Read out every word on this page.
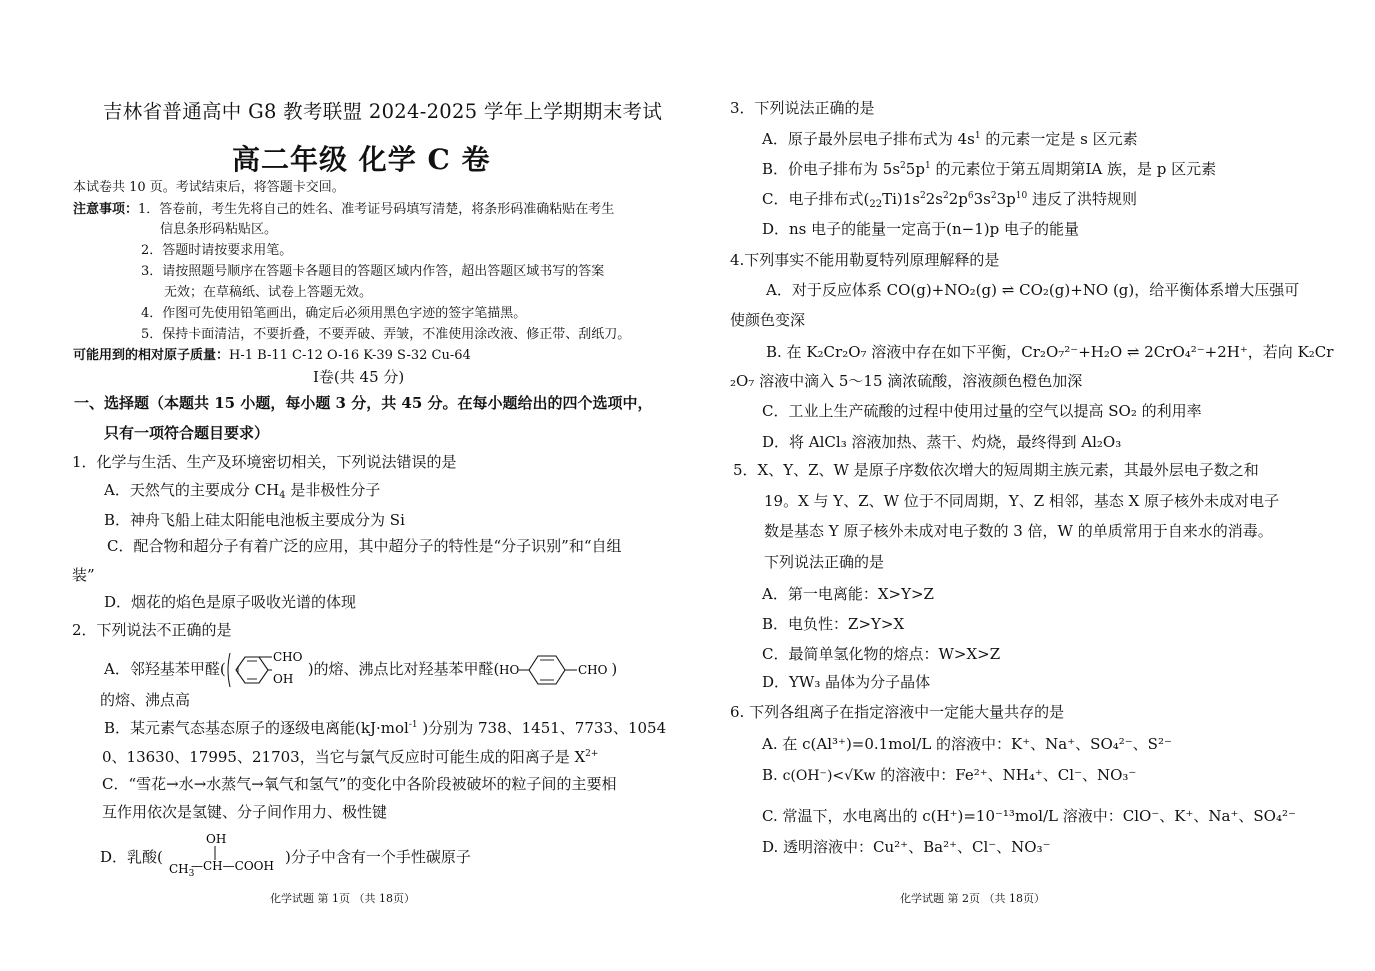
吉林省普通高中 G8 教考联盟 2024-2025 学年上学期期末考试
高二年级 化学 C 卷
本试卷共 10 页。考试结束后，将答题卡交回。
注意事项：1．答卷前，考生先将自己的姓名、准考证号码填写清楚，将条形码准确粘贴在考生
信息条形码粘贴区。
2．答题时请按要求用笔。
3．请按照题号顺序在答题卡各题目的答题区域内作答，超出答题区域书写的答案
无效；在草稿纸、试卷上答题无效。
4．作图可先使用铅笔画出，确定后必须用黑色字迹的签字笔描黑。
5．保持卡面清洁，不要折叠，不要弄破、弄皱，不准使用涂改液、修正带、刮纸刀。
可能用到的相对原子质量：H-1 B-11 C-12 O-16 K-39 S-32 Cu-64
Ⅰ卷(共 45 分)
一、选择题（本题共 15 小题，每小题 3 分，共 45 分。在每小题给出的四个选项中，
只有一项符合题目要求）
1．化学与生活、生产及环境密切相关，下列说法错误的是
A．天然气的主要成分 $CH_4$ 是非极性分子
B．神舟飞船上硅太阳能电池板主要成分为 Si
C．配合物和超分子有着广泛的应用，其中超分子的特性是“分子识别”和“自组
装”
D．烟花的焰色是原子吸收光谱的体现
2．下列说法不正确的是
A．邻羟基苯甲醛(
CHO
OH
)的熔、沸点比对羟基苯甲醛( HO	CHO )
的熔、沸点高
B．某元素气态基态原子的逐级电离能(kJ·mol$^{-1}$ )分别为 738、1451、7733、1054
0、13630、17995、21703，当它与氯气反应时可能生成的阳离子是 $X^{2+}$
C．“雪花→水→水蒸气→氧气和氢气”的变化中各阶段被破坏的粒子间的主要相
互作用依次是氢键、分子间作用力、极性键
D．乳酸(
OH
$CH_3$
—CH—COOH )分子中含有一个手性碳原子
化学试题 第 1页 （共 18页）
3．下列说法正确的是
A．原子最外层电子排布式为 $4s^1$ 的元素一定是 s 区元素
B．价电子排布为 $5s^25p^1$ 的元素位于第五周期第ⅠA 族，是 p 区元素
C．电子排布式$(_{22}Ti)1s^22s^22p^63s^23p^{10}$ 违反了洪特规则
D．ns 电子的能量一定高于(n−1)p 电子的能量
4.下列事实不能用勒夏特列原理解释的是
A．对于反应体系 CO(g)+NO₂(g) ⇌ CO₂(g)+NO (g)，给平衡体系增大压强可
使颜色变深
B. 在 K₂Cr₂O₇ 溶液中存在如下平衡，Cr₂O₇²⁻+H₂O ⇌ 2CrO₄²⁻+2H⁺，若向 K₂Cr
₂O₇ 溶液中滴入 5～15 滴浓硫酸，溶液颜色橙色加深
C．工业上生产硫酸的过程中使用过量的空气以提高 SO₂ 的利用率
D．将 AlCl₃ 溶液加热、蒸干、灼烧，最终得到 Al₂O₃
5．X、Y、Z、W 是原子序数依次增大的短周期主族元素，其最外层电子数之和
19。X 与 Y、Z、W 位于不同周期，Y、Z 相邻，基态 X 原子核外未成对电子
数是基态 Y 原子核外未成对电子数的 3 倍，W 的单质常用于自来水的消毒。
下列说法正确的是
A．第一电离能：X>Y>Z
B．电负性：Z>Y>X
C．最简单氢化物的熔点：W>X>Z
D．YW₃ 晶体为分子晶体
6. 下列各组离子在指定溶液中一定能大量共存的是
A. 在 c(Al³⁺)=0.1mol/L 的溶液中：K⁺、Na⁺、SO₄²⁻、S²⁻
B. c(OH⁻)<√Kw 的溶液中：Fe²⁺、NH₄⁺、Cl⁻、NO₃⁻
C. 常温下，水电离出的 c(H⁺)=10⁻¹³mol/L 溶液中：ClO⁻、K⁺、Na⁺、SO₄²⁻
D. 透明溶液中：Cu²⁺、Ba²⁺、Cl⁻、NO₃⁻
化学试题 第 2页 （共 18页）
